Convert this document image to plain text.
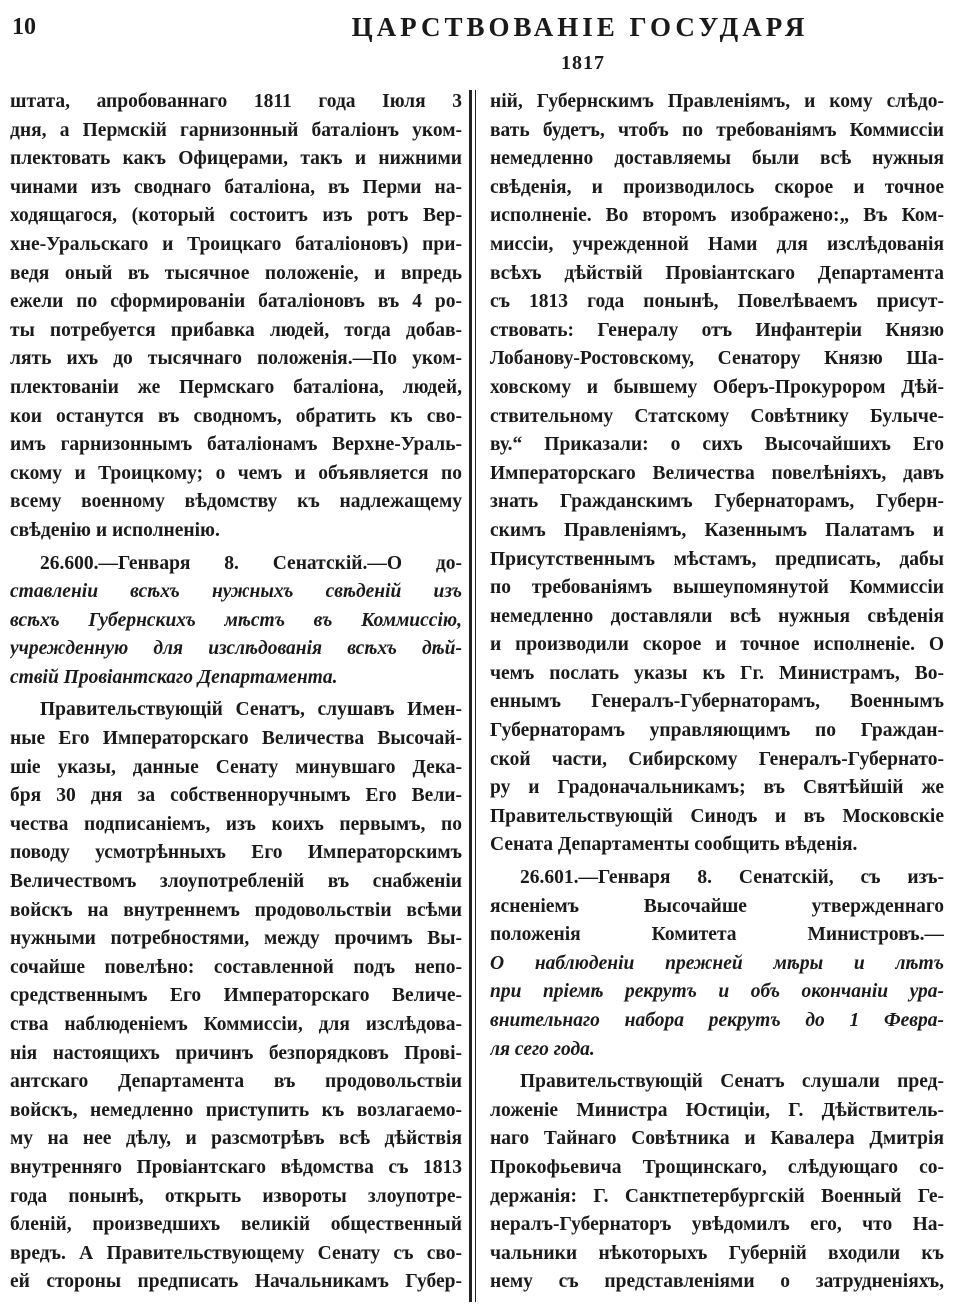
10	ЦАРСТВОВАНІЕ ГОСУДАРЯ
1817
штата, апробованнаго 1811 года Іюля 3
дня, а Пермскій гарнизонный баталіонъ уком-
плектовать какъ Офицерами, такъ и нижними
чинами изъ своднаго баталіона, въ Перми на-
ходящагося, (который состоитъ изъ ротъ Вер-
хне-Уральскаго и Троицкаго баталіоновъ) при-
ведя оный въ тысячное положеніе, и впредь
ежели по сформированіи баталіоновъ въ 4 ро-
ты потребуется прибавка людей, тогда добав-
лять ихъ до тысячнаго положенія.—По уком-
плектованіи же Пермскаго баталіона, людей,
кои останутся въ сводномъ, обратить къ сво-
имъ гарнизоннымъ баталіонамъ Верхне-Ураль-
скому и Троицкому; о чемъ и объявляется по
всему военному вѣдомству къ надлежащему
свѣденію и исполненію.
26.600.—Генваря 8. Сенатскій.—О до-
ставленіи всѣхъ нужныхъ свѣденій изъ
всѣхъ Губернскихъ мѣстъ въ Коммиссію,
учрежденную для изслѣдованія всѣхъ дѣй-
ствій Провіантскаго Департамента.
Правительствующій Сенатъ, слушавъ Имен-
ные Его Императорскаго Величества Высочай-
шіе указы, данные Сенату минувшаго Дека-
бря 30 дня за собственноручнымъ Его Вели-
чества подписаніемъ, изъ коихъ первымъ, по
поводу усмотрѣнныхъ Его Императорскимъ
Величествомъ злоупотребленій въ снабженіи
войскъ на внутреннемъ продовольствіи всѣми
нужными потребностями, между прочимъ Вы-
сочайше повелѣно: составленной подъ непо-
средственнымъ Его Императорскаго Величе-
ства наблюденіемъ Коммиссіи, для изслѣдова-
нія настоящихъ причинъ безпорядковъ Прові-
антскаго Департамента въ продовольствіи
войскъ, немедленно приступить къ возлагаемо-
му на нее дѣлу, и разсмотрѣвъ всѣ дѣйствія
внутренняго Провіантскаго вѣдомства съ 1813
года понынѣ, открыть извороты злоупотре-
бленій, произведшихъ великій общественный
вредъ. А Правительствующему Сенату съ сво-
ей стороны предписать Начальникамъ Губер-
ній, Губернскимъ Правленіямъ, и кому слѣдо-
вать будетъ, чтобъ по требованіямъ Коммиссіи
немедленно доставляемы были всѣ нужныя
свѣденія, и производилось скорое и точное
исполненіе. Во второмъ изображено:„ Въ Ком-
миссіи, учрежденной Нами для изслѣдованія
всѣхъ дѣйствій Провіантскаго Департамента
съ 1813 года понынѣ, Повелѣваемъ присут-
ствовать: Генералу отъ Инфантеріи Князю
Лобанову-Ростовскому, Сенатору Князю Ша-
ховскому и бывшему Оберъ-Прокурором Дѣй-
ствительному Статскому Совѣтнику Булыче-
ву.“ Приказали: о сихъ Высочайшихъ Его
Императорскаго Величества повелѣніяхъ, давъ
знать Гражданскимъ Губернаторамъ, Губерн-
скимъ Правленіямъ, Казеннымъ Палатамъ и
Присутственнымъ мѣстамъ, предписать, дабы
по требованіямъ вышеупомянутой Коммиссіи
немедленно доставляли всѣ нужныя свѣденія
и производили скорое и точное исполненіе. О
чемъ послать указы къ Гг. Министрамъ, Во-
еннымъ Генералъ-Губернаторамъ, Военнымъ
Губернаторамъ управляющимъ по Граждан-
ской части, Сибирскому Генералъ-Губернато-
ру и Градоначальникамъ; въ Святѣйшій же
Правительствующій Синодъ и въ Московскіе
Сената Департаменты сообщить вѣденія.
26.601.—Генваря 8. Сенатскій, съ изъ-
ясненіемъ Высочайше утвержденнаго
положенія Комитета Министровъ.—
О наблюденіи прежней мѣры и лѣтъ
при пріемѣ рекрутъ и объ окончаніи ура-
внительнаго набора рекрутъ до 1 Февра-
ля сего года.
Правительствующій Сенатъ слушали пред-
ложеніе Министра Юстиціи, Г. Дѣйствитель-
наго Тайнаго Совѣтника и Кавалера Дмитрія
Прокофьевича Трощинскаго, слѣдующаго со-
держанія: Г. Санктпетербургскій Военный Ге-
нералъ-Губернаторъ увѣдомилъ его, что На-
чальники нѣкоторыхъ Губерній входили къ
нему съ представленіями о затрудненіяхъ,
